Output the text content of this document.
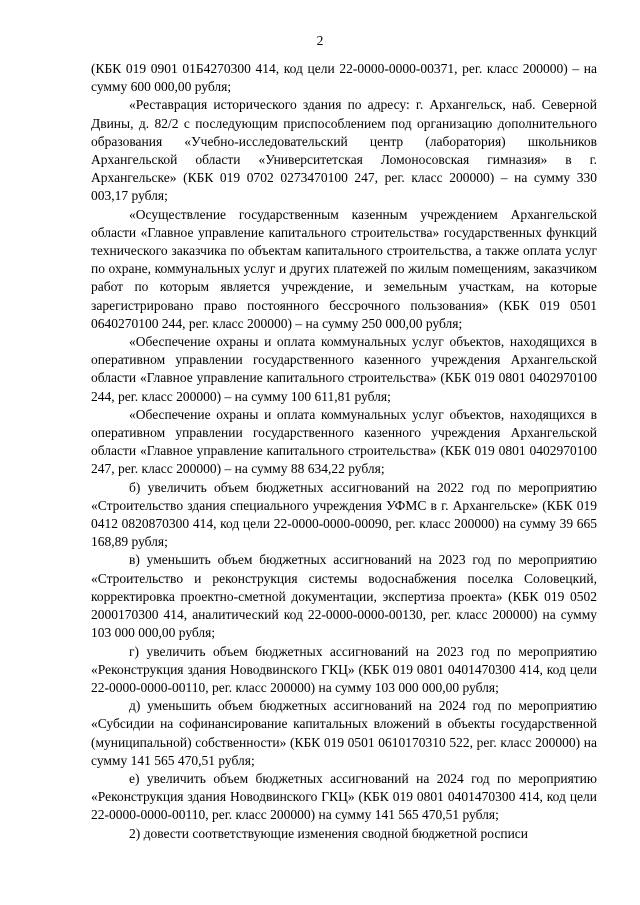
2

(КБК 019 0901 01Б4270300 414, код цели 22-0000-0000-00371, рег. класс 200000) – на сумму 600 000,00 рубля;

«Реставрация исторического здания по адресу: г. Архангельск, наб. Северной Двины, д. 82/2 с последующим приспособлением под организацию дополнительного образования «Учебно-исследовательский центр (лаборатория) школьников Архангельской области «Университетская Ломоносовская гимназия» в г. Архангельске» (КБК 019 0702 0273470100 247, рег. класс 200000) – на сумму 330 003,17 рубля;

«Осуществление государственным казенным учреждением Архангельской области «Главное управление капитального строительства» государственных функций технического заказчика по объектам капитального строительства, а также оплата услуг по охране, коммунальных услуг и других платежей по жилым помещениям, заказчиком работ по которым является учреждение, и земельным участкам, на которые зарегистрировано право постоянного бессрочного пользования» (КБК 019 0501 0640270100 244, рег. класс 200000) – на сумму 250 000,00 рубля;

«Обеспечение охраны и оплата коммунальных услуг объектов, находящихся в оперативном управлении государственного казенного учреждения Архангельской области «Главное управление капитального строительства» (КБК 019 0801 0402970100 244, рег. класс 200000) – на сумму 100 611,81 рубля;

«Обеспечение охраны и оплата коммунальных услуг объектов, находящихся в оперативном управлении государственного казенного учреждения Архангельской области «Главное управление капитального строительства» (КБК 019 0801 0402970100 247, рег. класс 200000) – на сумму 88 634,22 рубля;

б) увеличить объем бюджетных ассигнований на 2022 год по мероприятию «Строительство здания специального учреждения УФМС в г. Архангельске» (КБК 019 0412 0820870300 414, код цели 22-0000-0000-00090, рег. класс 200000) на сумму 39 665 168,89 рубля;

в) уменьшить объем бюджетных ассигнований на 2023 год по мероприятию «Строительство и реконструкция системы водоснабжения поселка Соловецкий, корректировка проектно-сметной документации, экспертиза проекта» (КБК 019 0502 2000170300 414, аналитический код 22-0000-0000-00130, рег. класс 200000) на сумму 103 000 000,00 рубля;

г) увеличить объем бюджетных ассигнований на 2023 год по мероприятию «Реконструкция здания Новодвинского ГКЦ» (КБК 019 0801 0401470300 414, код цели 22-0000-0000-00110, рег. класс 200000) на сумму 103 000 000,00 рубля;

д) уменьшить объем бюджетных ассигнований на 2024 год по мероприятию «Субсидии на софинансирование капитальных вложений в объекты государственной (муниципальной) собственности» (КБК 019 0501 0610170310 522, рег. класс 200000) на сумму 141 565 470,51 рубля;

е) увеличить объем бюджетных ассигнований на 2024 год по мероприятию «Реконструкция здания Новодвинского ГКЦ» (КБК 019 0801 0401470300 414, код цели 22-0000-0000-00110, рег. класс 200000) на сумму 141 565 470,51 рубля;

2) довести соответствующие изменения сводной бюджетной росписи
